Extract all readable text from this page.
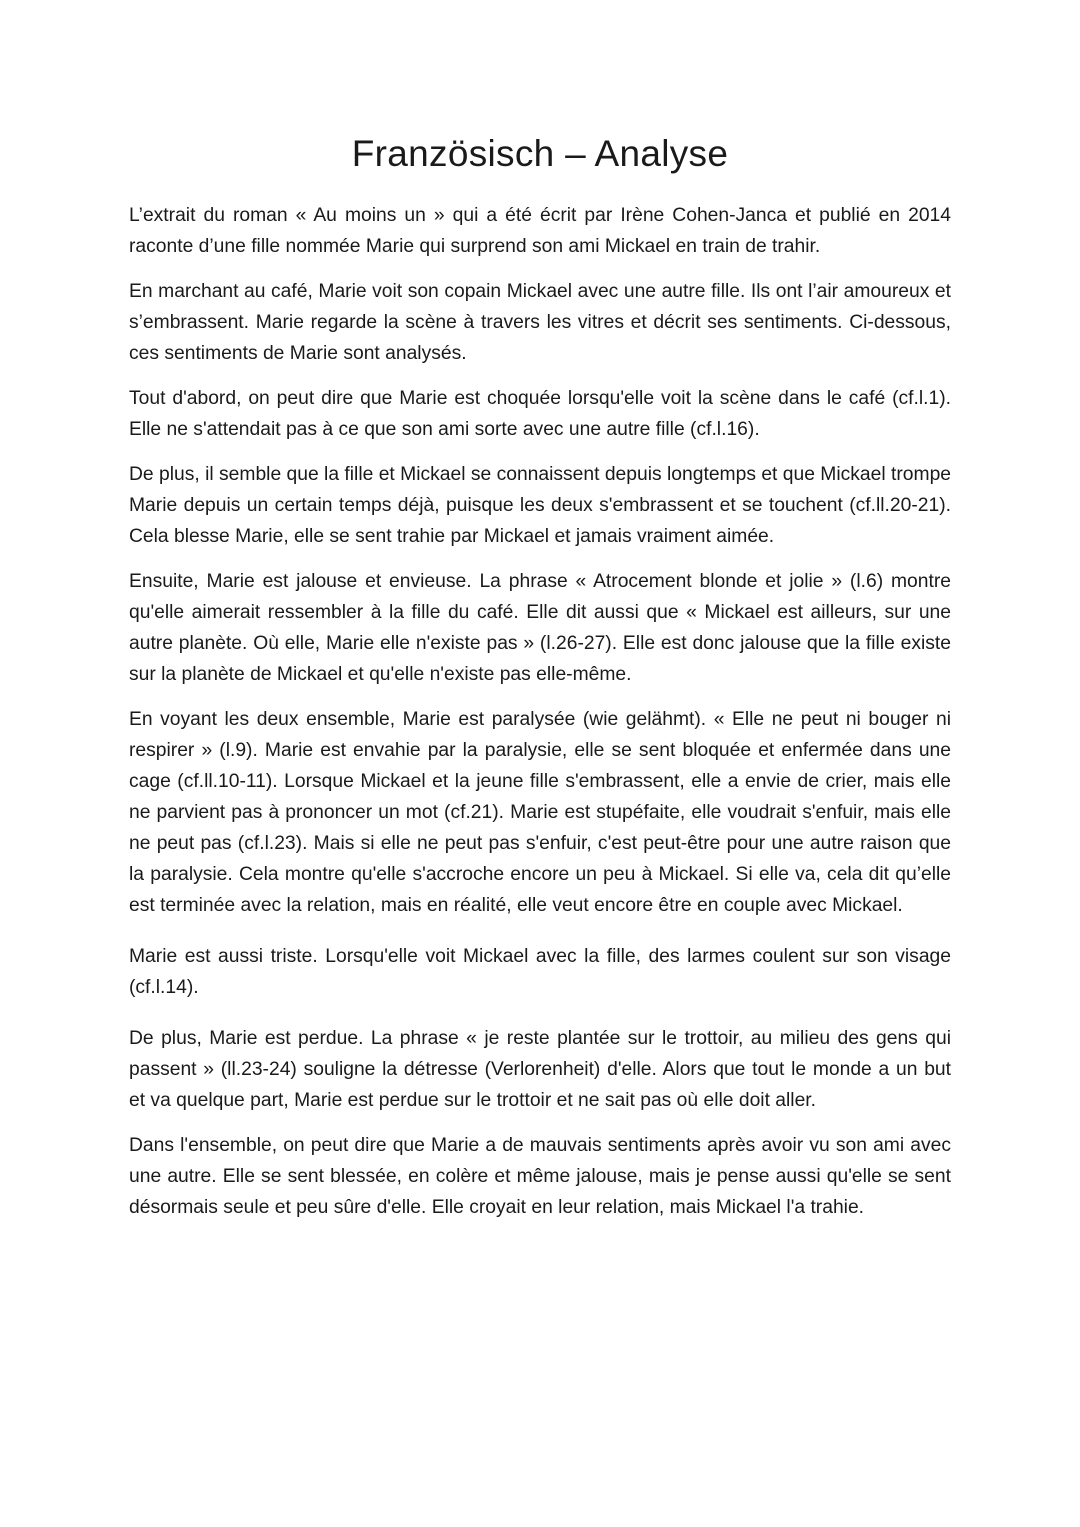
Französisch – Analyse

L’extrait du roman « Au moins un » qui a été écrit par Irène Cohen-Janca et publié en 2014 raconte d’une fille nommée Marie qui surprend son ami Mickael en train de trahir.

En marchant au café, Marie voit son copain Mickael avec une autre fille. Ils ont l’air amoureux et s’embrassent. Marie regarde la scène à travers les vitres et décrit ses sentiments. Ci-dessous, ces sentiments de Marie sont analysés.

Tout d'abord, on peut dire que Marie est choquée lorsqu'elle voit la scène dans le café (cf.l.1). Elle ne s'attendait pas à ce que son ami sorte avec une autre fille (cf.l.16).

De plus, il semble que la fille et Mickael se connaissent depuis longtemps et que Mickael trompe Marie depuis un certain temps déjà, puisque les deux s'embrassent et se touchent (cf.ll.20-21). Cela blesse Marie, elle se sent trahie par Mickael et jamais vraiment aimée.

Ensuite, Marie est jalouse et envieuse. La phrase « Atrocement blonde et jolie » (l.6) montre qu'elle aimerait ressembler à la fille du café. Elle dit aussi que « Mickael est ailleurs, sur une autre planète. Où elle, Marie elle n'existe pas » (l.26-27). Elle est donc jalouse que la fille existe sur la planète de Mickael et qu'elle n'existe pas elle-même.

En voyant les deux ensemble, Marie est paralysée (wie gelähmt). « Elle ne peut ni bouger ni respirer » (l.9). Marie est envahie par la paralysie, elle se sent bloquée et enfermée dans une cage (cf.ll.10-11). Lorsque Mickael et la jeune fille s'embrassent, elle a envie de crier, mais elle ne parvient pas à prononcer un mot (cf.21). Marie est stupéfaite, elle voudrait s'enfuir, mais elle ne peut pas (cf.l.23). Mais si elle ne peut pas s'enfuir, c'est peut-être pour une autre raison que la paralysie. Cela montre qu'elle s'accroche encore un peu à Mickael. Si elle va, cela dit qu’elle est terminée avec la relation, mais en réalité, elle veut encore être en couple avec Mickael.

Marie est aussi triste. Lorsqu'elle voit Mickael avec la fille, des larmes coulent sur son visage (cf.l.14).

De plus, Marie est perdue. La phrase « je reste plantée sur le trottoir, au milieu des gens qui passent » (ll.23-24) souligne la détresse (Verlorenheit) d'elle. Alors que tout le monde a un but et va quelque part, Marie est perdue sur le trottoir et ne sait pas où elle doit aller.

Dans l'ensemble, on peut dire que Marie a de mauvais sentiments après avoir vu son ami avec une autre. Elle se sent blessée, en colère et même jalouse, mais je pense aussi qu'elle se sent désormais seule et peu sûre d'elle. Elle croyait en leur relation, mais Mickael l'a trahie.
